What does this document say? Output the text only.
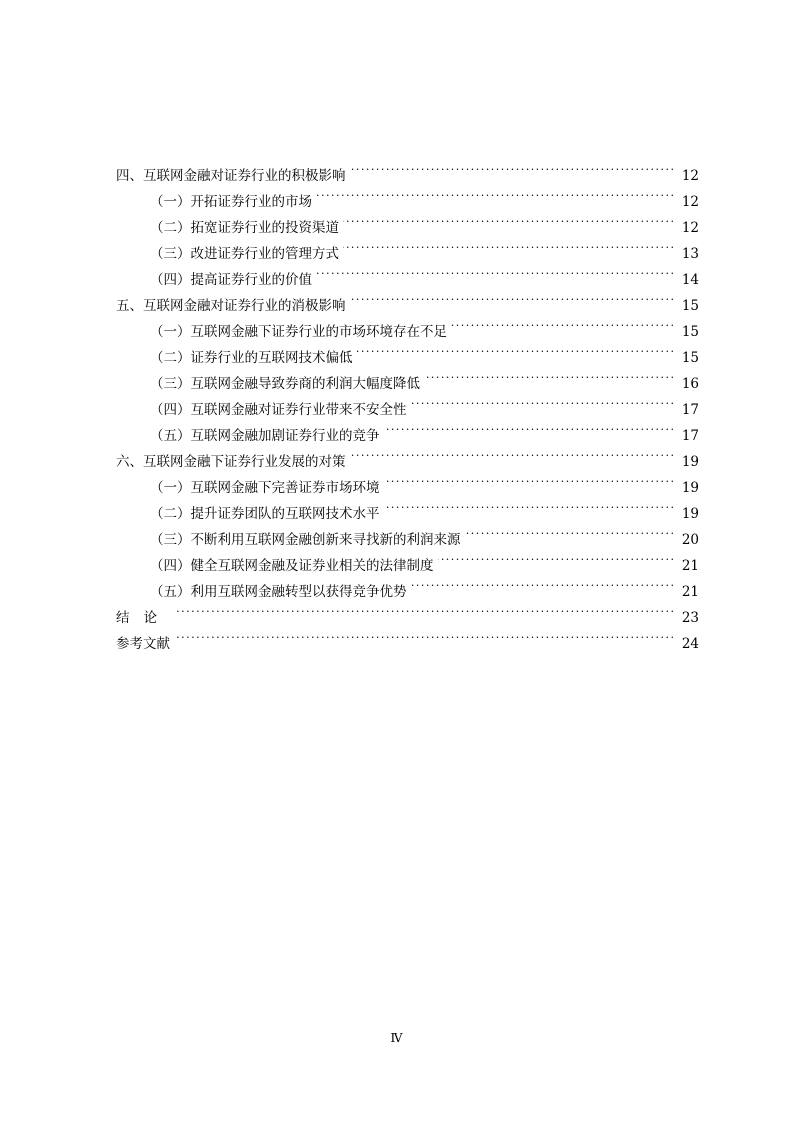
四、互联网金融对证券行业的积极影响 . . .	12
（一）开拓证券行业的市场 . . .	12
（二）拓宽证券行业的投资渠道 . . .	12
（三）改进证券行业的管理方式 . . .	13
（四）提高证券行业的价值 . . .	14
五、互联网金融对证券行业的消极影响 . . .	15
（一）互联网金融下证券行业的市场环境存在不足 . . .	15
（二）证券行业的互联网技术偏低 . . .	15
（三）互联网金融导致券商的利润大幅度降低 . . .	16
（四）互联网金融对证券行业带来不安全性 . . .	17
（五）互联网金融加剧证券行业的竞争 . . .	17
六、互联网金融下证券行业发展的对策 . . .	19
（一）互联网金融下完善证券市场环境 . . .	19
（二）提升证券团队的互联网技术水平 . . .	19
（三）不断利用互联网金融创新来寻找新的利润来源 . . .	20
（四）健全互联网金融及证券业相关的法律制度 . . .	21
（五）利用互联网金融转型以获得竞争优势 . . .	21
结论 . . .	23
参考文献 . . .	24
Ⅳ
